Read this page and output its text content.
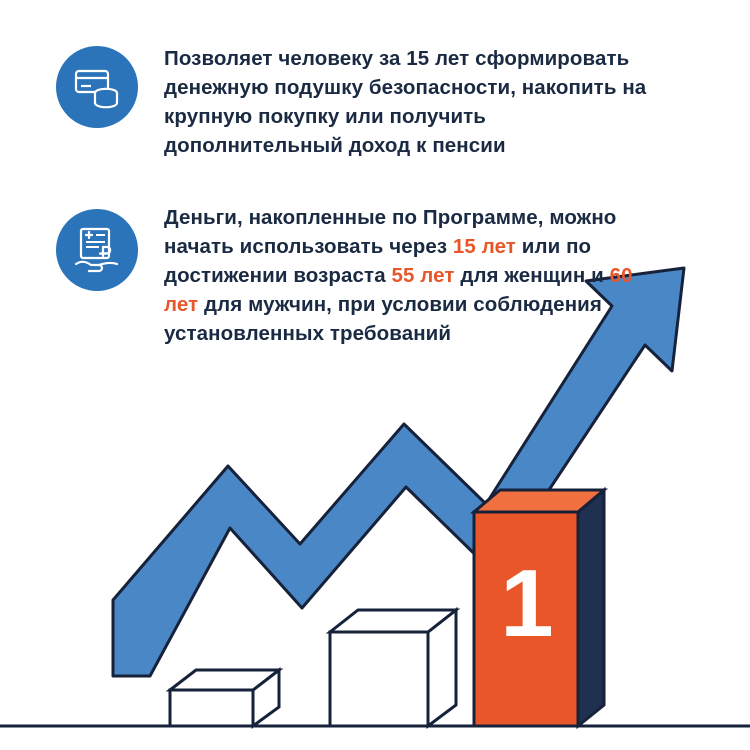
1
Позволяет человеку за 15 лет сформировать денежную подушку безопасности, накопить на крупную покупку или получить дополнительный доход к пенсии
Деньги, накопленные по Программе, можно начать использовать через 15 лет или по достижении возраста 55 лет для женщин и 60 лет для мужчин, при условии соблюдения установленных требований
